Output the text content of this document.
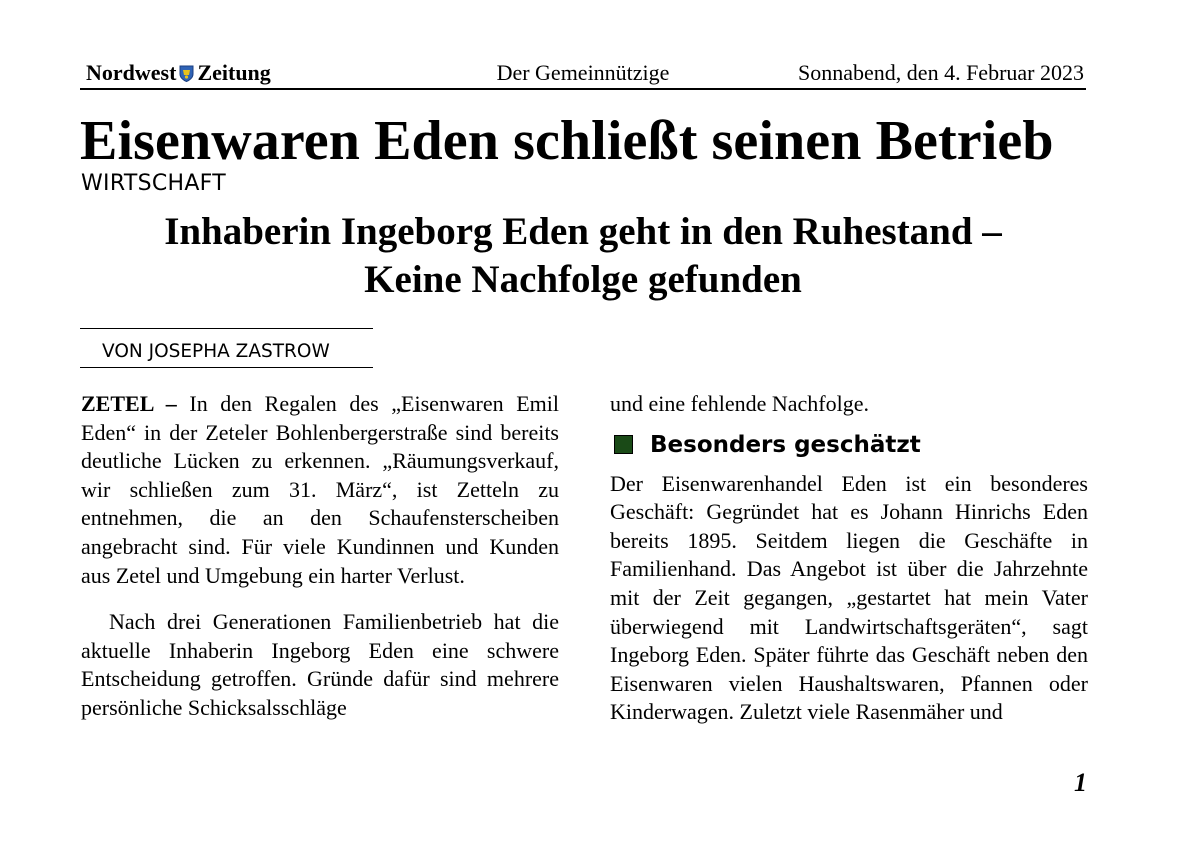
Nordwest Zeitung	Der Gemeinnützige	Sonnabend, den 4. Februar 2023
Eisenwaren Eden schließt seinen Betrieb
WIRTSCHAFT
Inhaberin Ingeborg Eden geht in den Ruhestand –
Keine Nachfolge gefunden
VON JOSEPHA ZASTROW

ZETEL – In den Regalen des „Eisenwaren Emil Eden“ in der Zeteler Bohlenbergerstraße sind bereits deutliche Lücken zu erkennen. „Räumungsverkauf, wir schließen zum 31. März“, ist Zetteln zu entnehmen, die an den Schaufensterscheiben angebracht sind. Für viele Kundinnen und Kunden aus Zetel und Umgebung ein harter Verlust.

Nach drei Generationen Familienbetrieb hat die aktuelle Inhaberin Ingeborg Eden eine schwere Entscheidung getroffen. Gründe dafür sind mehrere persönliche Schicksalsschläge

und eine fehlende Nachfolge.

Besonders geschätzt

Der Eisenwarenhandel Eden ist ein besonderes Geschäft: Gegründet hat es Johann Hinrichs Eden bereits 1895. Seitdem liegen die Geschäfte in Familienhand. Das Angebot ist über die Jahrzehnte mit der Zeit gegangen, „gestartet hat mein Vater überwiegend mit Landwirtschaftsgeräten“, sagt Ingeborg Eden. Später führte das Geschäft neben den Eisenwaren vielen Haushaltswaren, Pfannen oder Kinderwagen. Zuletzt viele Rasenmäher und

1
